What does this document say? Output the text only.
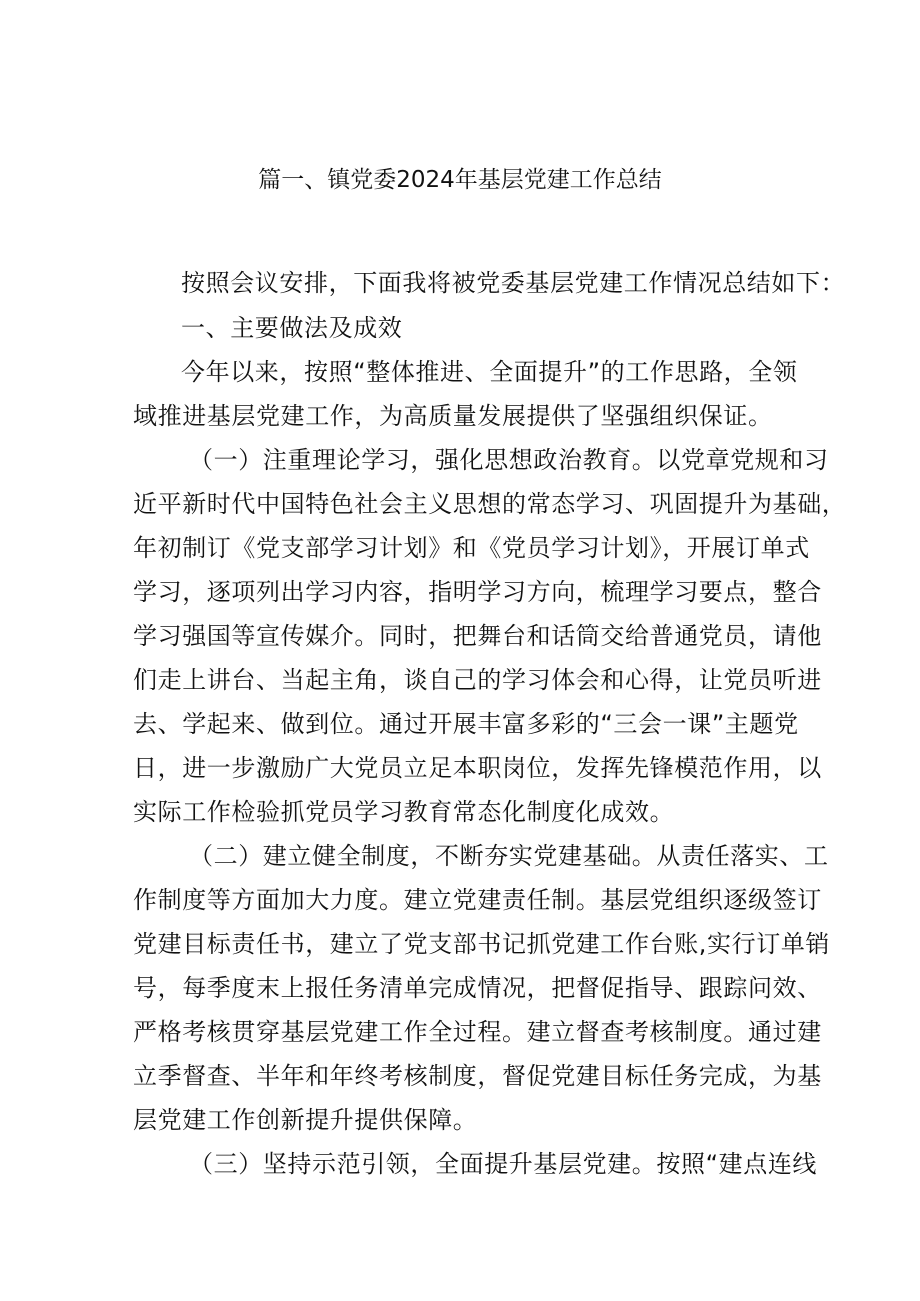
篇一、镇党委2024年基层党建工作总结
按照会议安排，下面我将被党委基层党建工作情况总结如下：
一、主要做法及成效
今年以来，按照“整体推进、全面提升”的工作思路，全领
域推进基层党建工作，为高质量发展提供了坚强组织保证。
（一）注重理论学习，强化思想政治教育。以党章党规和习
近平新时代中国特色社会主义思想的常态学习、巩固提升为基础，
年初制订《党支部学习计划》和《党员学习计划》，开展订单式
学习，逐项列出学习内容，指明学习方向，梳理学习要点，整合
学习强国等宣传媒介。同时，把舞台和话筒交给普通党员，请他
们走上讲台、当起主角，谈自己的学习体会和心得，让党员听进
去、学起来、做到位。通过开展丰富多彩的“三会一课”主题党
日，进一步激励广大党员立足本职岗位，发挥先锋模范作用，以
实际工作检验抓党员学习教育常态化制度化成效。
（二）建立健全制度，不断夯实党建基础。从责任落实、工
作制度等方面加大力度。建立党建责任制。基层党组织逐级签订
党建目标责任书，建立了党支部书记抓党建工作台账,实行订单销
号，每季度末上报任务清单完成情况，把督促指导、跟踪问效、
严格考核贯穿基层党建工作全过程。建立督查考核制度。通过建
立季督查、半年和年终考核制度，督促党建目标任务完成，为基
层党建工作创新提升提供保障。
（三）坚持示范引领，全面提升基层党建。按照“建点连线
